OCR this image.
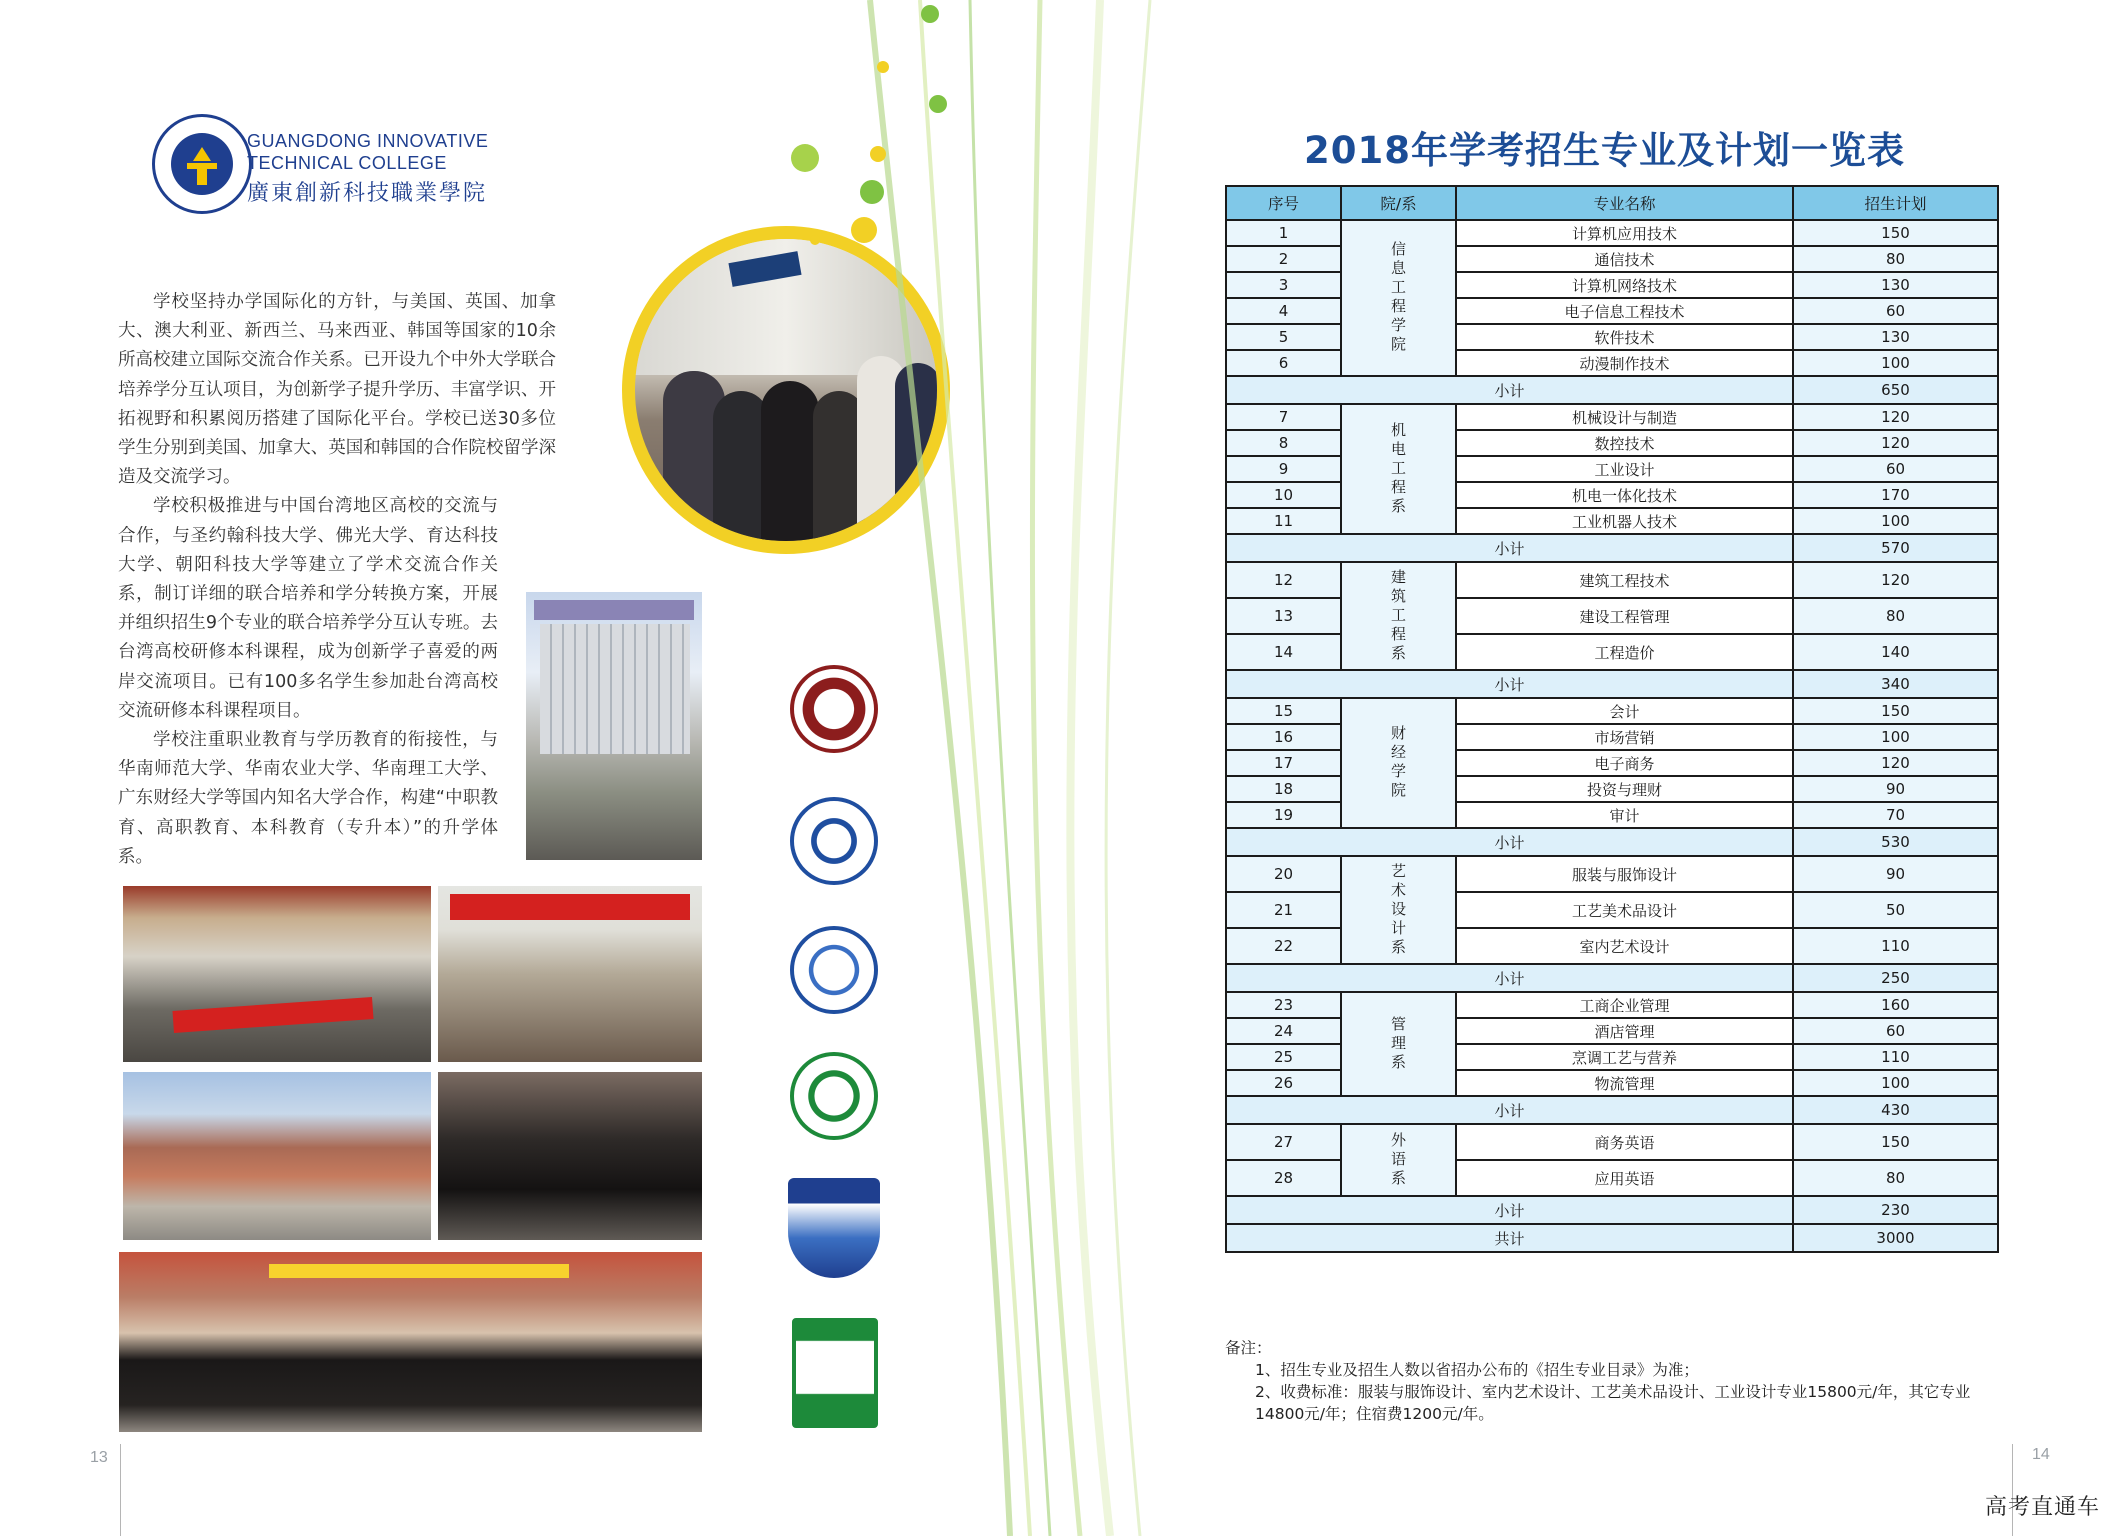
GUANGDONG INNOVATIVE
TECHNICAL COLLEGE
廣東創新科技職業學院

学校坚持办学国际化的方针，与美国、英国、加拿大、澳大利亚、新西兰、马来西亚、韩国等国家的10余所高校建立国际交流合作关系。已开设九个中外大学联合培养学分互认项目，为创新学子提升学历、丰富学识、开拓视野和积累阅历搭建了国际化平台。学校已送30多位学生分别到美国、加拿大、英国和韩国的合作院校留学深造及交流学习。

学校积极推进与中国台湾地区高校的交流与合作，与圣约翰科技大学、佛光大学、育达科技大学、朝阳科技大学等建立了学术交流合作关系，制订详细的联合培养和学分转换方案，开展并组织招生9个专业的联合培养学分互认专班。去台湾高校研修本科课程，成为创新学子喜爱的两岸交流项目。已有100多名学生参加赴台湾高校交流研修本科课程项目。

学校注重职业教育与学历教育的衔接性，与华南师范大学、华南农业大学、华南理工大学、广东财经大学等国内知名大学合作，构建“中职教育、高职教育、本科教育（专升本）”的升学体系。

13
2018年学考招生专业及计划一览表
序号	院/系	专业名称	招生计划
1	信息工程学院	计算机应用技术	150
2		通信技术	80
3		计算机网络技术	130
4		电子信息工程技术	60
5		软件技术	130
6		动漫制作技术	100
小计			650
7	机电工程系	机械设计与制造	120
8		数控技术	120
9		工业设计	60
10		机电一体化技术	170
11		工业机器人技术	100
小计			570
12	建筑工程系	建筑工程技术	120
13		建设工程管理	80
14		工程造价	140
小计			340
15	财经学院	会计	150
16		市场营销	100
17		电子商务	120
18		投资与理财	90
19		审计	70
小计			530
20	艺术设计系	服装与服饰设计	90
21		工艺美术品设计	50
22		室内艺术设计	110
小计			250
23	管理系	工商企业管理	160
24		酒店管理	60
25		烹调工艺与营养	110
26		物流管理	100
小计			430
27	外语系	商务英语	150
28		应用英语	80
小计			230
共计			3000
备注：
1、招生专业及招生人数以省招办公布的《招生专业目录》为准；
2、收费标准：服装与服饰设计、室内艺术设计、工艺美术品设计、工业设计专业15800元/年，其它专业14800元/年；住宿费1200元/年。
14
高考直通车
